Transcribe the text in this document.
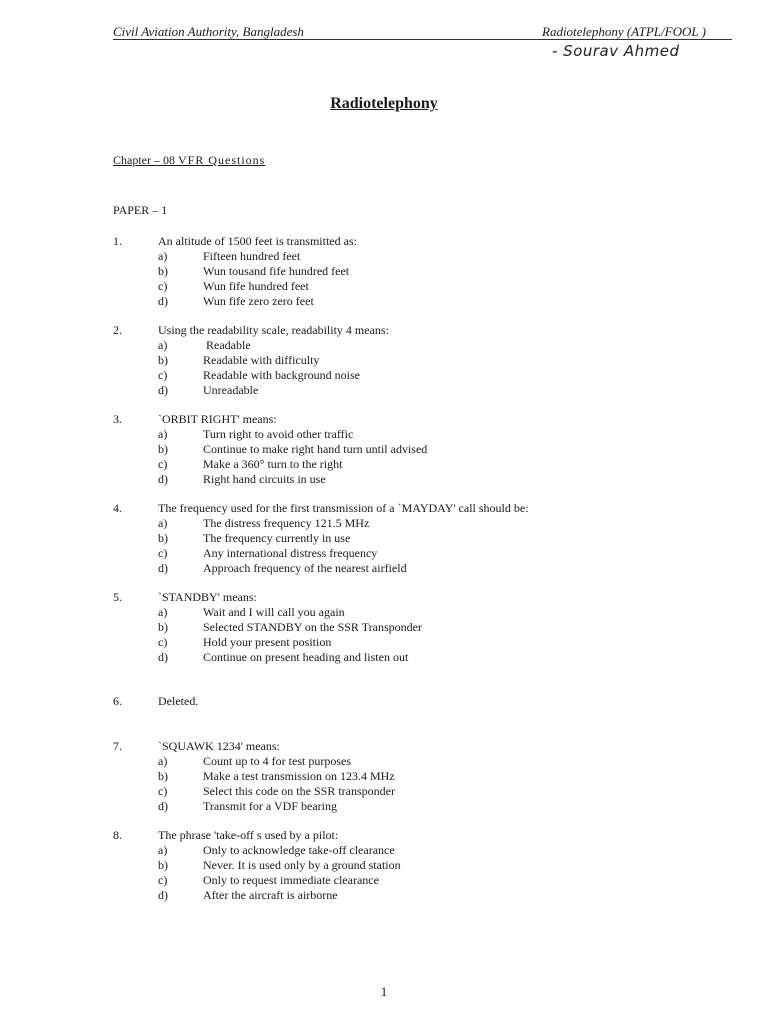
Civil Aviation Authority, Bangladesh	Radiotelephony (ATPL/FOOL )
- Sourav Ahmed
Radiotelephony
Chapter – 08 VFR Questions
PAPER – 1
1.	An altitude of 1500 feet is transmitted as:
a)	Fifteen hundred feet
b)	Wun tousand fife hundred feet
c)	Wun fife hundred feet
d)	Wun fife zero zero feet
2.	Using the readability scale, readability 4 means:
a)	Readable
b)	Readable with difficulty
c)	Readable with background noise
d)	Unreadable
3.	`ORBIT RIGHT' means:
a)	Turn right to avoid other traffic
b)	Continue to make right hand turn until advised
c)	Make a 360° turn to the right
d)	Right hand circuits in use
4.	The frequency used for the first transmission of a `MAYDAY' call should be:
a)	The distress frequency 121.5 MHz
b)	The frequency currently in use
c)	Any international distress frequency
d)	Approach frequency of the nearest airfield
5.	`STANDBY' means:
a)	Wait and I will call you again
b)	Selected STANDBY on the SSR Transponder
c)	Hold your present position
d)	Continue on present heading and listen out
6.	Deleted.
7.	`SQUAWK 1234' means:
a)	Count up to 4 for test purposes
b)	Make a test transmission on 123.4 MHz
c)	Select this code on the SSR transponder
d)	Transmit for a VDF bearing
8.	The phrase 'take-off s used by a pilot:
a)	Only to acknowledge take-off clearance
b)	Never. It is used only by a ground station
c)	Only to request immediate clearance
d)	After the aircraft is airborne
1
